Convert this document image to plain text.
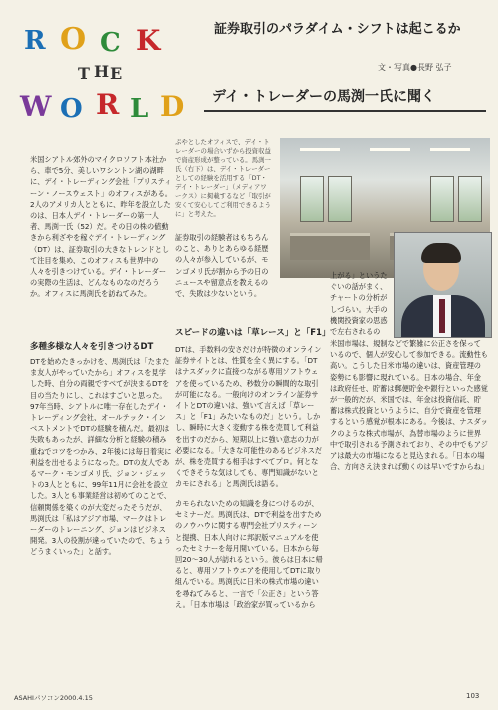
R O C K
T H E
W O R L D
証券取引のパラダイム・シフトは起こるか
文・写真●長野 弘子
デイ・トレーダーの馬渕一氏に聞く
ぷやとしたオフィスで、デイ・トレーダーの場合いずから投資収益で資産形成が整っている。馬渕一氏（右下）は、デイ・トレーダーとしての経験を活用する「DT・デイ・トレーダー」（メディアワークス）に掲載するなど「取引が安くて安心してご利用できるように」と考えた。
米国シアトル郊外のマイクロソフト本社から、車で5分、美しいワシントン湖の湖畔に、デイ・トレーディング会社「プリスティーン・ノースウェスト」のオフィスがある。2人のアメリカ人とともに、昨年を設立したのは、日本人デイ・トレーダーの第一人者、馬渕一氏（52）だ。その日の株の値動きから利ざやを稼ぐデイ・トレーディング（DT）は、証券取引の大きなトレンドとして注目を集め、このオフィスも世界中の人々を引きつけている。デイ・トレーダーの実際の生活は、どんなものなのだろうか。オフィスに馬渕氏を訪ねてみた。
証券取引の経験者はもちろんのこと、ありとあらゆる経歴の人々が参入しているが、モンゴメリ氏が割から予の日のニュースや留意点を教えるので、失敗は少ないという。
スピードの違いは「草レース」と「F1」
多種多様な人々を引きつけるDT
DTを始めたきっかけを、馬渕氏は「たまたま友人がやっていたから」オフィスを見学した時、自分の両親ですべてが決まるDTを目の当たりにし、これはすごいと思った。97年当時、シアトルに唯一存在したデイ・トレーディング会社、オールテック・インベストメントでDTの経験を積んだ。最初は失敗もあったが、詳細な分析と経験の積み重ねでコツをつかみ、2年後には毎日着実に利益を出せるようになった。DTの友人であるマーク・モンゴメリ氏、ジョン・ジェットの3人とともに、99年11月に会社を設立した。3人とも事業経営は初めてのことで、信頼関係を築くのが大変だったそうだが、馬渕氏は「私はアジア市場、マークはトレーダーのトレーニング、ジョンはビジネス開発。3人の役割が違っていたので、ちょうどうまくいった」と話す。
DTは、手数料の安さだけが特徴のオンライン証券サイトとは、性質を全く異にする。「DTはナスダックに直接つながる専用ソフトウェアを使っているため、秒数分の瞬間的な取引が可能になる。一般向けのオンライン証券サイトとDTの違いは、強いて言えば「草レース」と「F1」みたいなものだ」という。しかし、瞬時に大きく変動する株を売買して利益を出すのだから、短期以上に強い意志の力が必要になる。「大きな可能性のあるビジネスだが、株を売買する相手はすべてプロ。何となくできそうな気はしても、専門知識がないとカモにされる」と馬渕氏は語る。
カモられないための知識を身につけるのが、セミナーだ。馬渕氏は、DTで利益を出すためのノウハウに関する専門会社プリスティーンと提携、日本人向けに邦訳版マニュアルを使ったセミナーを毎月開いている。日本から毎回20～30人が訪れるという。彼らは日本に帰ると、専用ソフトウエアを使用してDTに取り組んでいる。馬渕氏に日米の株式市場の違いを尋ねてみると、一言で「公正さ」という答え。「日本市場は「政治家が買っているから
上がる」というたぐいの話がまく、チャートの分析がしづらい。大手の機関投資家の思惑で左右されるの
米国市場は、規制などで繁雑に公正さを保っているので、個人が安心して参加できる。流動性も高い。こうした日米市場の違いは、資産管理の姿勢にも影響に現れている。日本の場合、年金は政府任せ、貯蓄は郵便貯金や銀行といった感覚が一般的だが、米国では、年金は投資信託、貯蓄は株式投資というように、自分で資産を管理するという感覚が根本にある。今後は、ナスダックのような株式市場が、為替市場のように世界中で取引される予測されており、その中でもアジアは最大の市場になると見込まれる。「日本の場合、方向さえ決まれば動くのは早いですからね」
ASAHIパソコン2000.4.15	103
